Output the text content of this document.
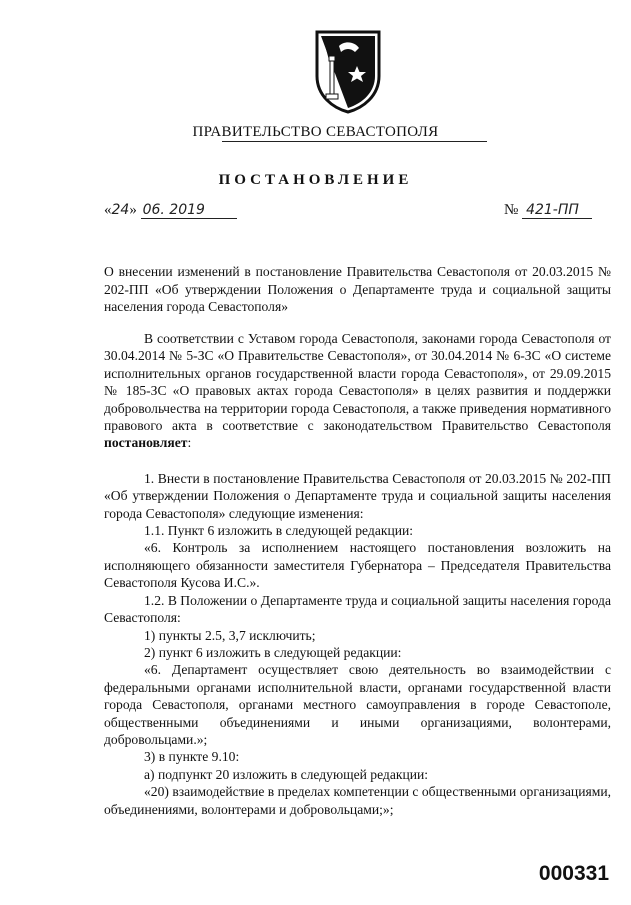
ПРАВИТЕЛЬСТВО СЕВАСТОПОЛЯ
ПОСТАНОВЛЕНИЕ
«24» 06. 2019	№ 421-ПП
О внесении изменений в постановление Правительства Севастополя от 20.03.2015 № 202-ПП «Об утверждении Положения о Департаменте труда и социальной защиты населения города Севастополя»

В соответствии с Уставом города Севастополя, законами города Севастополя от 30.04.2014 № 5-ЗС «О Правительстве Севастополя», от 30.04.2014 № 6-ЗС «О системе исполнительных органов государственной власти города Севастополя», от 29.09.2015 № 185-ЗС «О правовых актах города Севастополя» в целях развития и поддержки добровольчества на территории города Севастополя, а также приведения нормативного правового акта в соответствие с законодательством Правительство Севастополя постановляет:

1. Внести в постановление Правительства Севастополя от 20.03.2015 № 202-ПП «Об утверждении Положения о Департаменте труда и социальной защиты населения города Севастополя» следующие изменения:

1.1. Пункт 6 изложить в следующей редакции:

«6. Контроль за исполнением настоящего постановления возложить на исполняющего обязанности заместителя Губернатора – Председателя Правительства Севастополя Кусова И.С.».

1.2. В Положении о Департаменте труда и социальной защиты населения города Севастополя:

1) пункты 2.5, 3,7 исключить;

2) пункт 6 изложить в следующей редакции:

«6. Департамент осуществляет свою деятельность во взаимодействии с федеральными органами исполнительной власти, органами государственной власти города Севастополя, органами местного самоуправления в городе Севастополе, общественными объединениями и иными организациями, волонтерами, добровольцами.»;

3) в пункте 9.10:

а) подпункт 20 изложить в следующей редакции:

«20) взаимодействие в пределах компетенции с общественными организациями, объединениями, волонтерами и добровольцами;»;

000331
